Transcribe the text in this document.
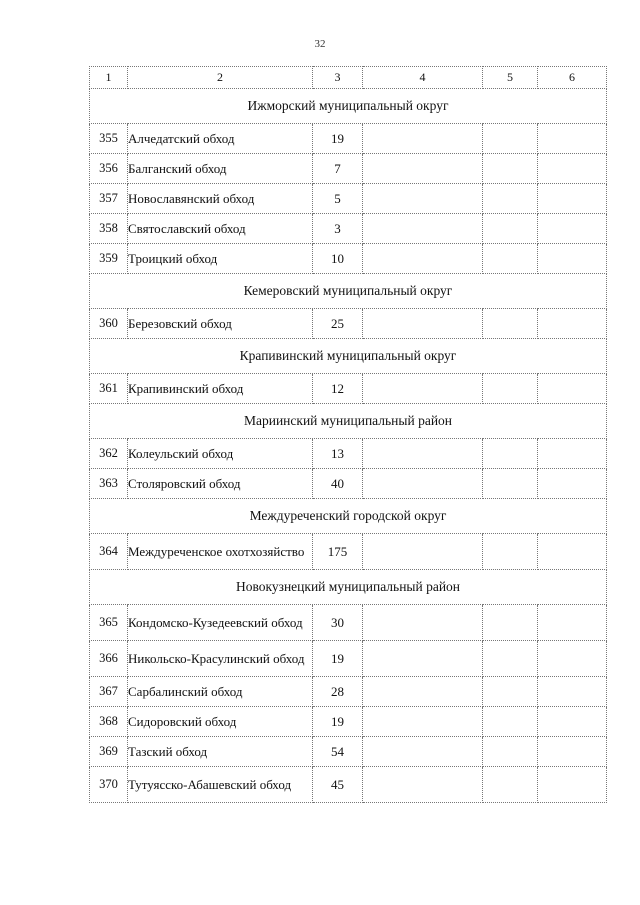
32
1	2	3	4	5	6
Ижморский муниципальный округ					
355	Алчедатский обход	19			
356	Балганский обход	7			
357	Новославянский обход	5			
358	Святославский обход	3			
359	Троицкий обход	10			
Кемеровский муниципальный округ					
360	Березовский обход	25			
Крапивинский муниципальный округ					
361	Крапивинский обход	12			
Мариинский муниципальный район					
362	Колеульский обход	13			
363	Столяровский обход	40			
Междуреченский городской округ					
364	Междуреченское охотхозяйство	175			
Новокузнецкий муниципальный район					
365	Кондомско-Кузедеевский обход	30			
366	Никольско-Красулинский обход	19			
367	Сарбалинский обход	28			
368	Сидоровский обход	19			
369	Тазский обход	54			
370	Тутуясско-Абашевский обход	45			
